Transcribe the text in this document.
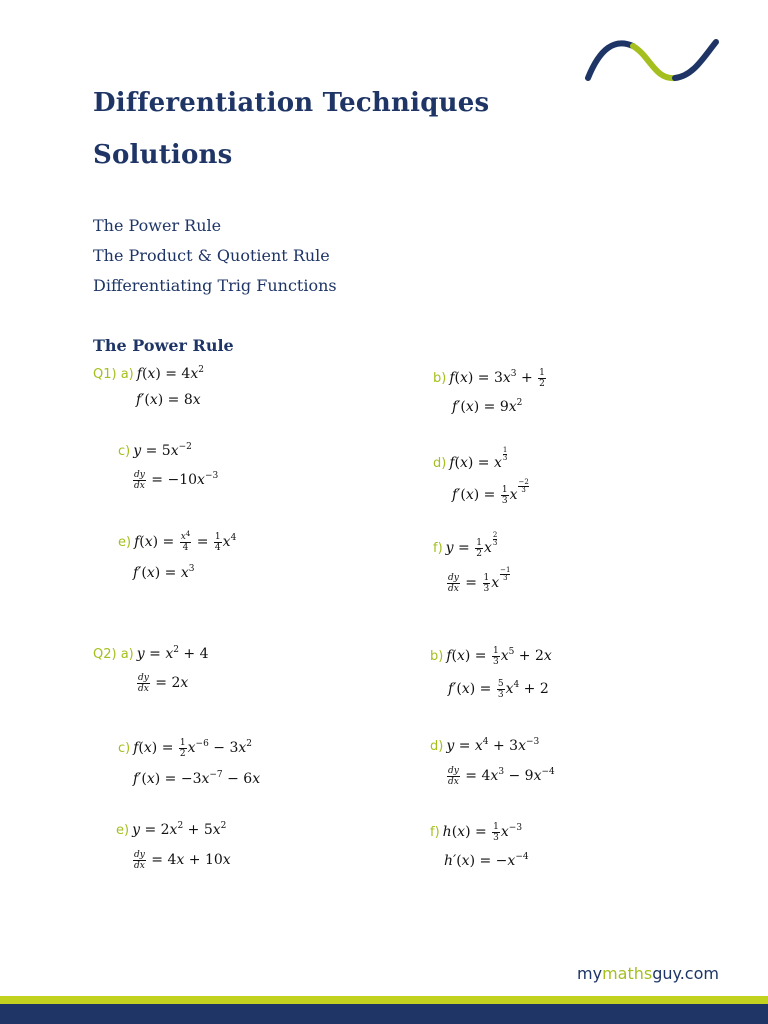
Differentiation Techniques
Solutions
The Power Rule
The Product & Quotient Rule
Differentiating Trig Functions
The Power Rule
Q1) a) $f(x) = 4x^2$
f′(x) = 8x
b) $f(x) = 3x^3 + \frac{1}{2}$
$f'(x) = 9x^2$
c) $y = 5x^{-2}$
$\frac{dy}{dx} = -10x^{-3}$
d) f(x) = x
$\frac{1}{3}$
$f'(x) = \frac{1}{3}$ x
$\frac{-2}{3}$
e) $f(x) = \frac{x^4}{4} = \frac{1}{4} x^4$
$f'(x) = x^3$
f) $y = \frac{1}{2}$ x
$\frac{2}{3}$
$\frac{dy}{dx} = \frac{1}{3}$ x
$\frac{-1}{3}$
Q2) a) $y = x^2 + 4$
$\frac{dy}{dx} = 2x$
b) $f(x) = \frac{1}{3} x^5 + 2x$
$f'(x) = \frac{5}{3} x^4 + 2$
c) $f(x) = \frac{1}{2} x^{-6} - 3x^2$
$f'(x) = -3x^{-7} - 6x$
d) $y = x^4 + 3x^{-3}$
$\frac{dy}{dx} = 4x^3 - 9x^{-4}$
e) $y = 2x^2 + 5x^2$
$\frac{dy}{dx} = 4x + 10x$
f) $h(x) = \frac{1}{3} x^{-3}$
$h'(x) = -x^{-4}$
mymathsguy.com
